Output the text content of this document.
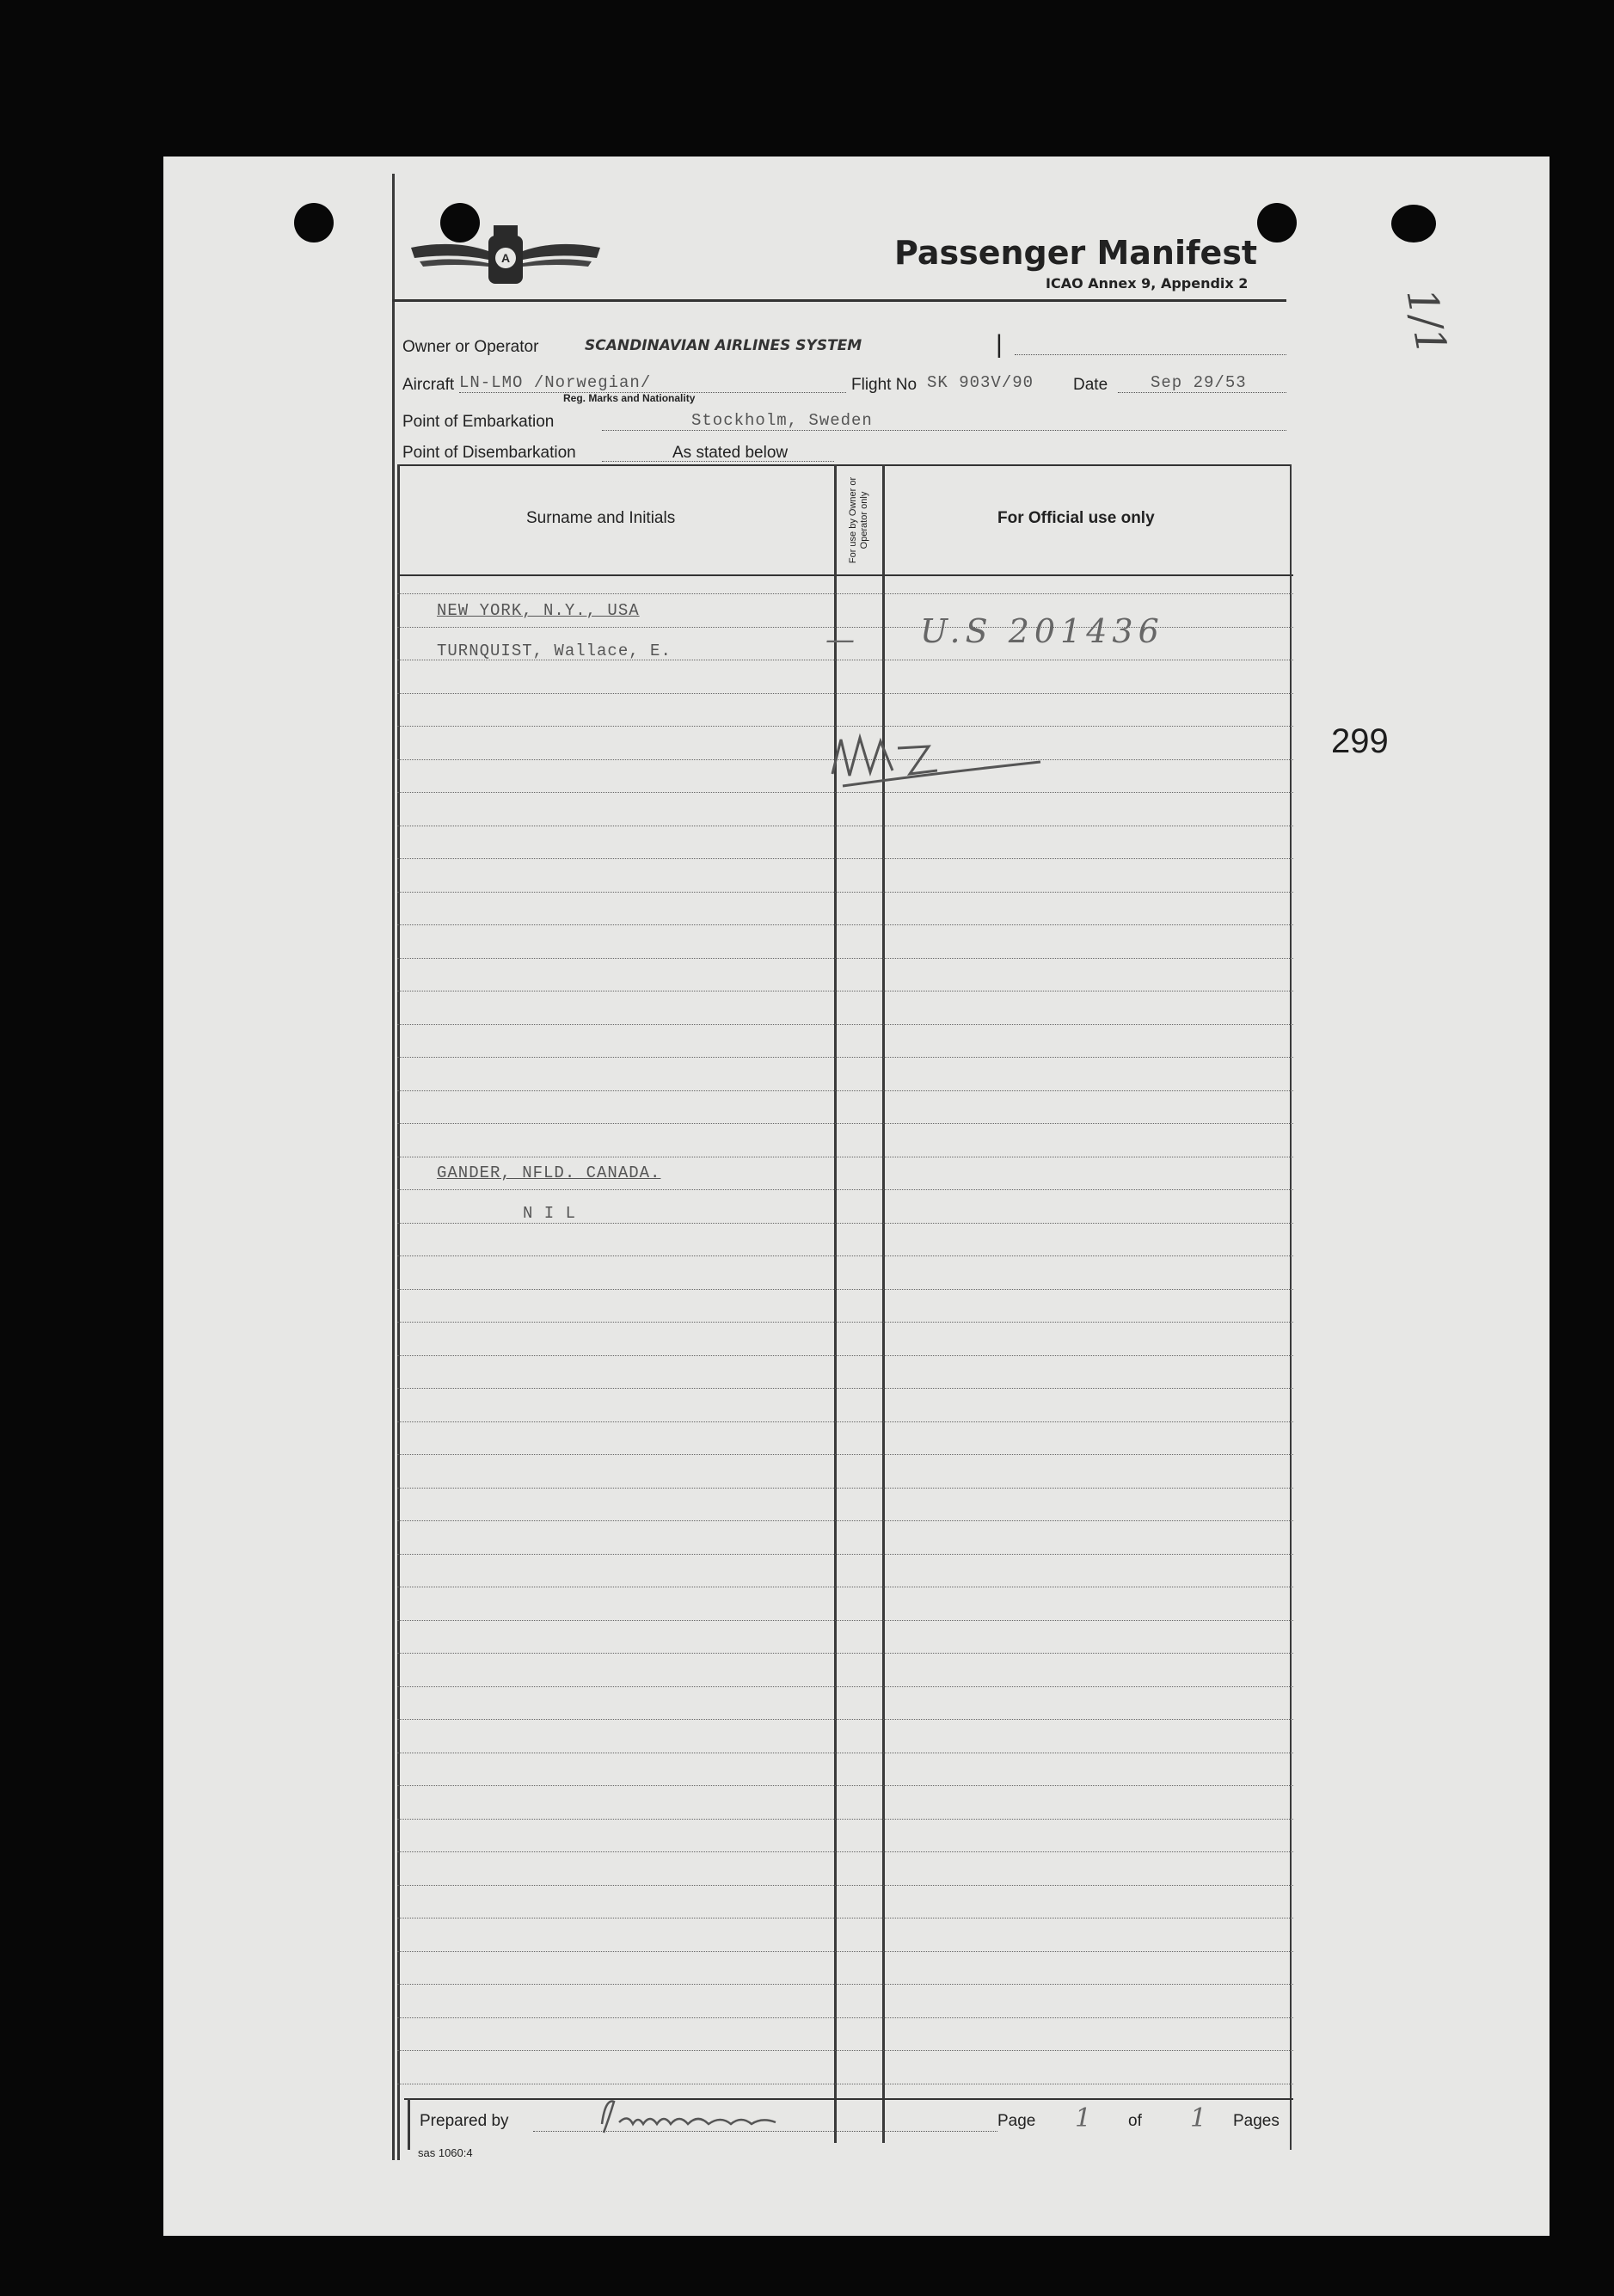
A	Passenger Manifest
ICAO Annex 9, Appendix 2
Owner or Operator	SCANDINAVIAN AIRLINES SYSTEM	|
Aircraft LN-LMO /Norwegian/
Reg. Marks and Nationality
Flight No SK 903V/90 Date	Sep 29/53
Point of Embarkation	Stockholm, Sweden
Point of Disembarkation	As stated below
Surname and Initials	For use by Owner or Operator only	For Official use only
NEW YORK, N.Y., USA
TURNQUIST, Wallace, E.	— U.S 201436
GANDER, NFLD. CANADA.
N I L
Prepared by	Page 1 of 1 Pages
sas 1060:4
1/1
299
